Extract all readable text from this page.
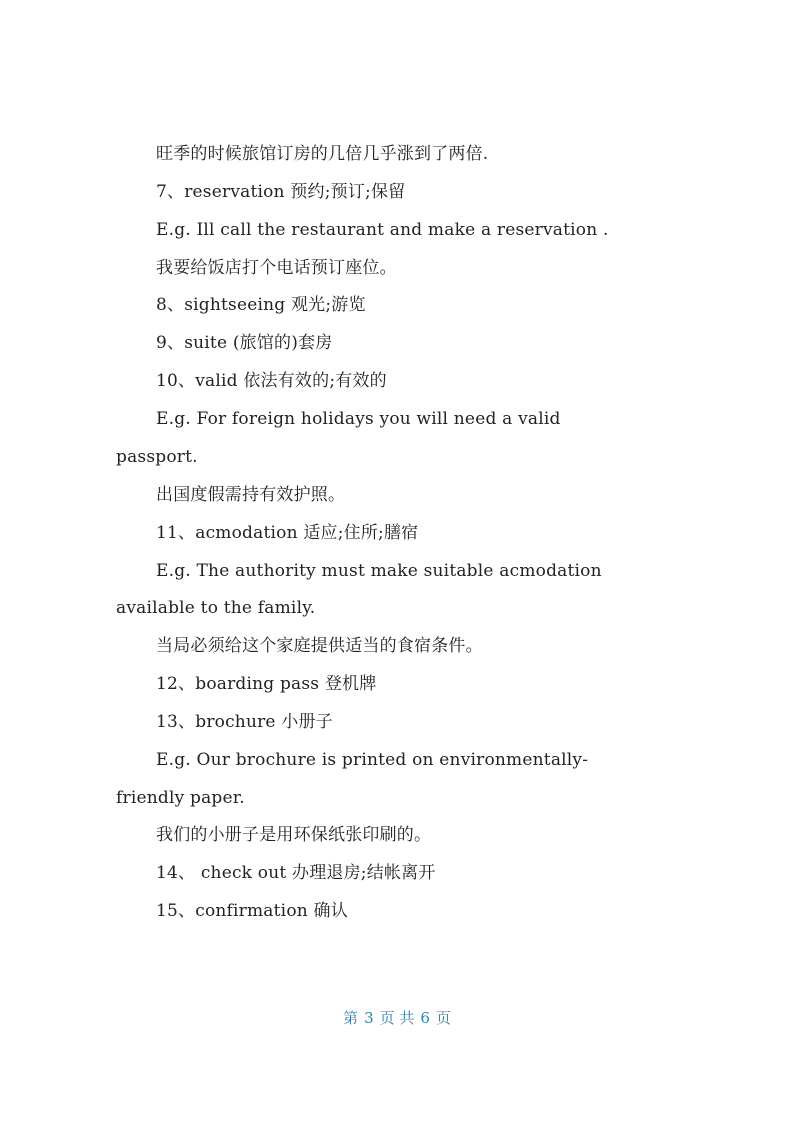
旺季的时候旅馆订房的几倍几乎涨到了两倍.
7、reservation 预约;预订;保留
E.g. Ill call the restaurant and make a reservation .
我要给饭店打个电话预订座位。
8、sightseeing 观光;游览
9、suite (旅馆的)套房
10、valid 依法有效的;有效的
E.g. For foreign holidays you will need a valid
passport.
出国度假需持有效护照。
11、acmodation 适应;住所;膳宿
E.g. The authority must make suitable acmodation
available to the family.
当局必须给这个家庭提供适当的食宿条件。
12、boarding pass 登机牌
13、brochure 小册子
E.g. Our brochure is printed on environmentally-
friendly paper.
我们的小册子是用环保纸张印刷的。
14、 check out 办理退房;结帐离开
15、confirmation 确认
第 3 页 共 6 页
